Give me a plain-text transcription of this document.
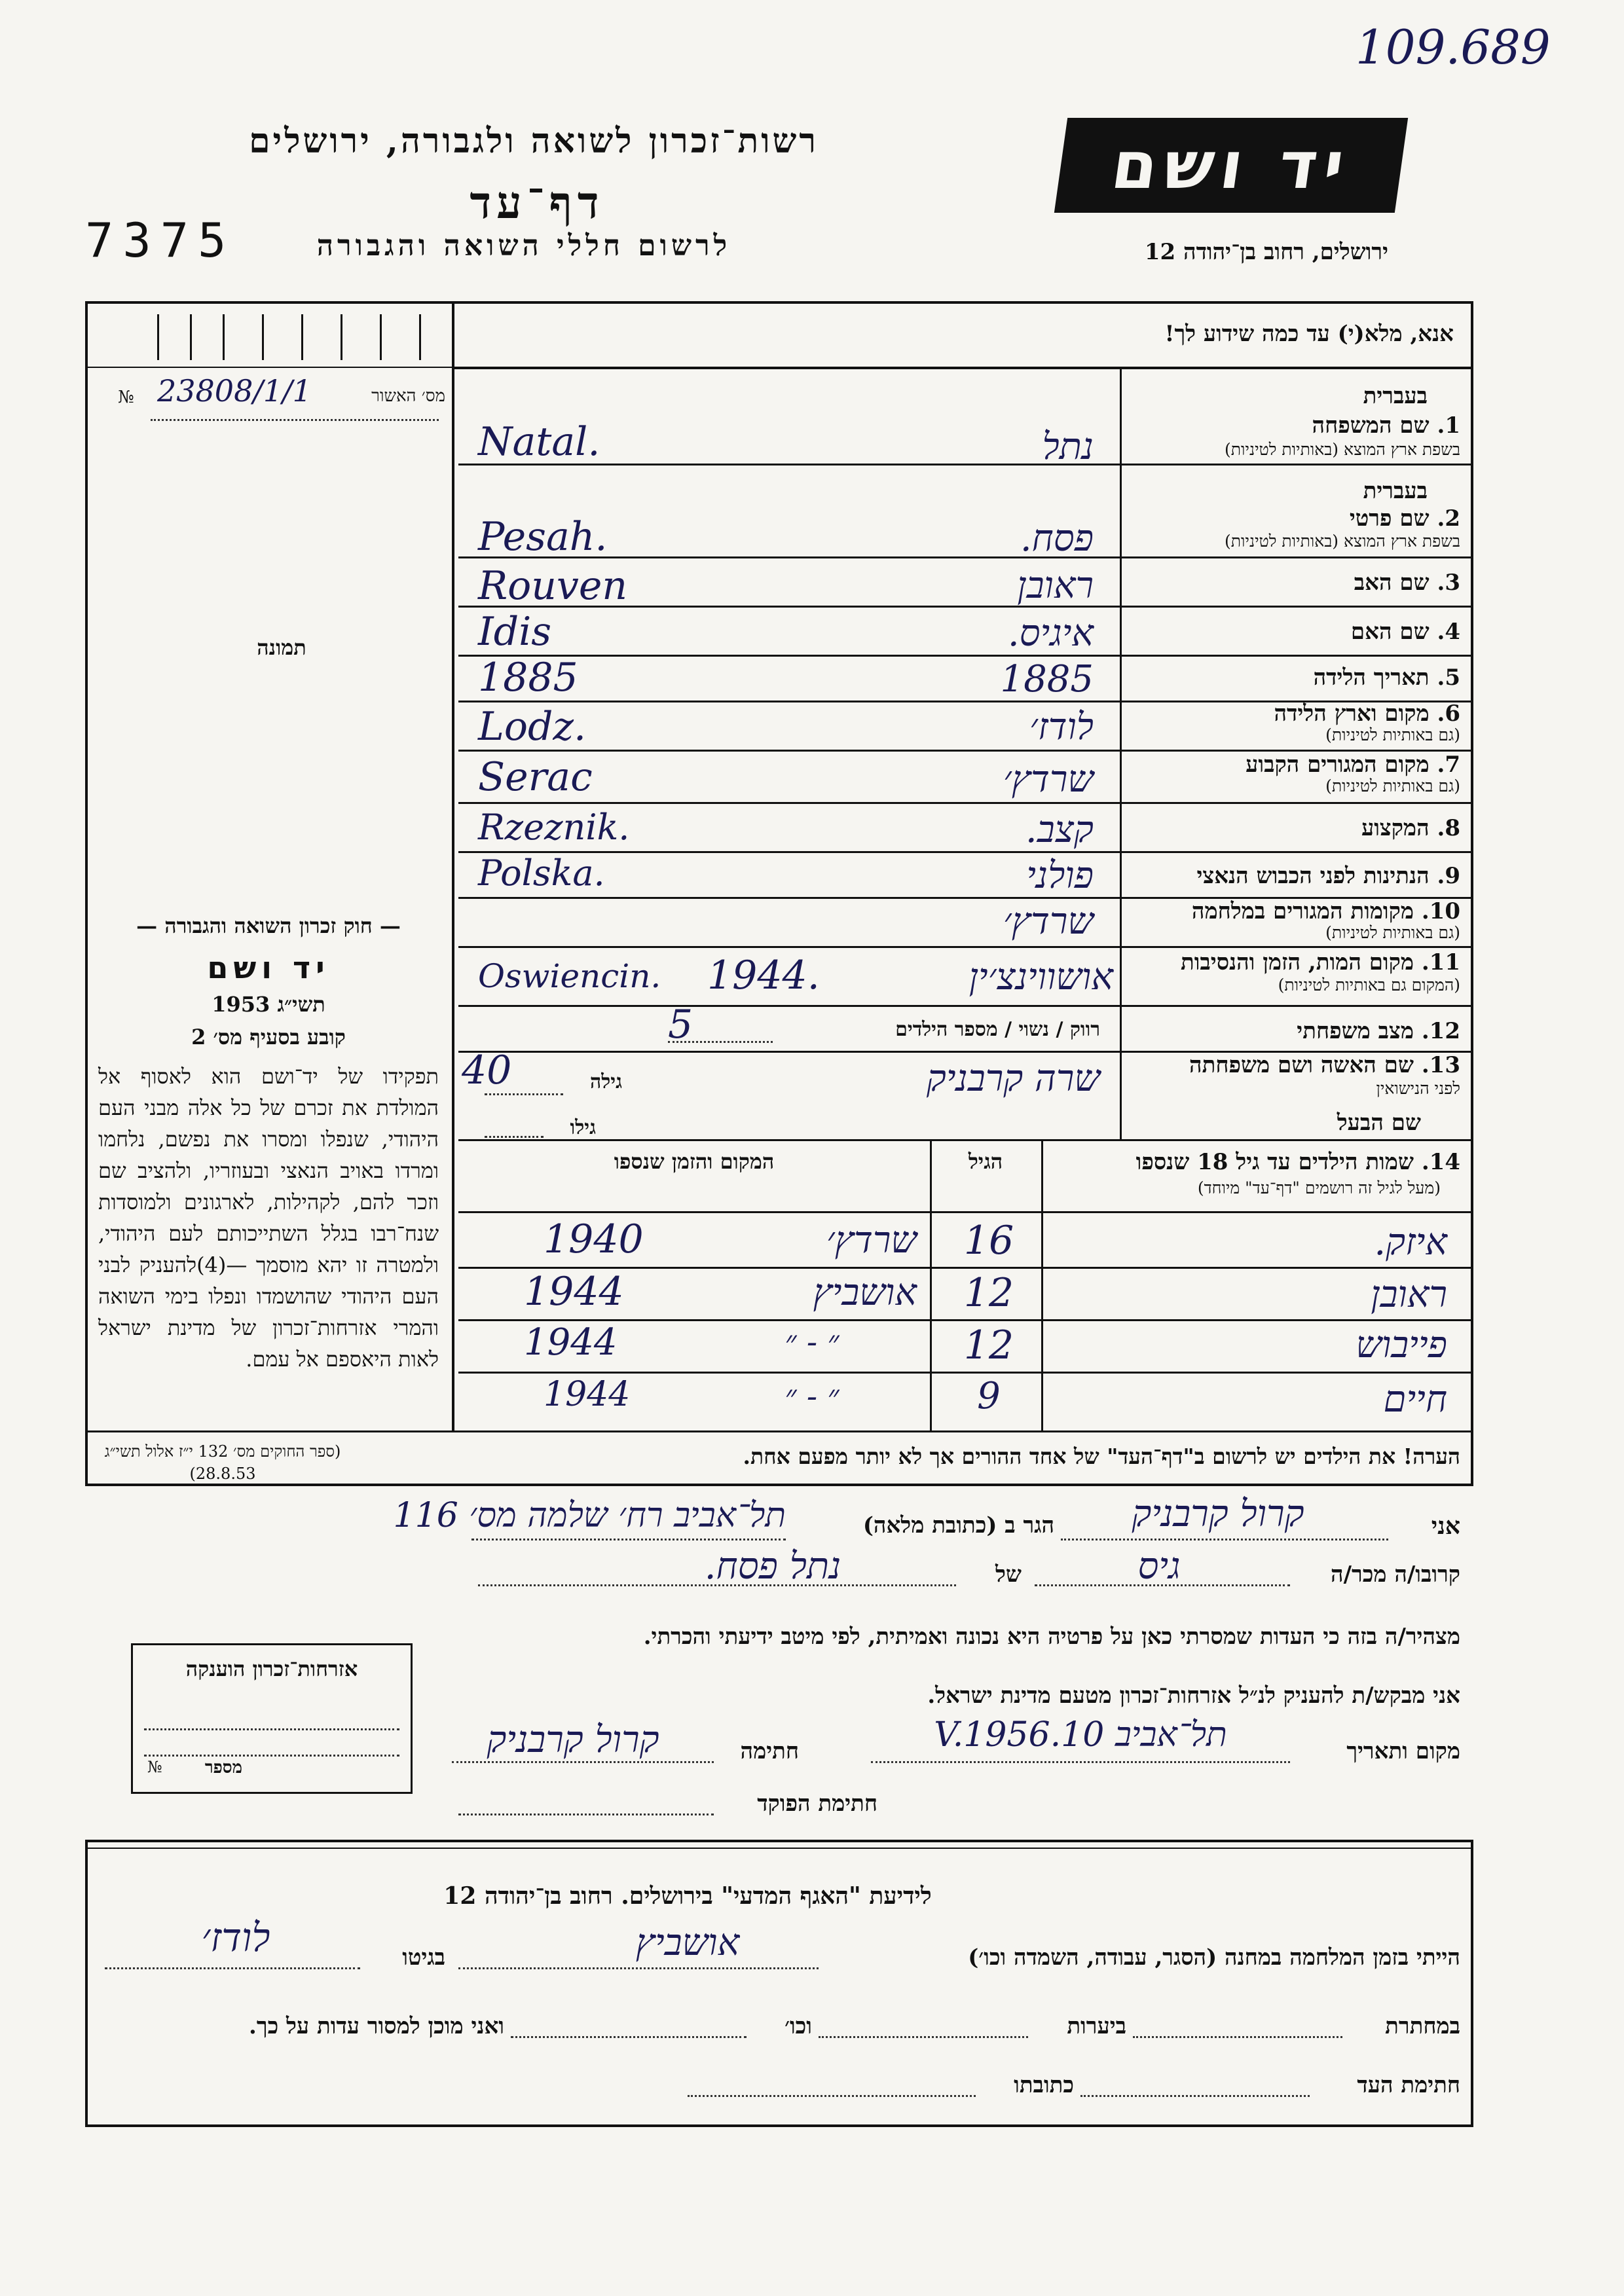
109.689
רשות־זכרון לשואה ולגבורה, ירושלים
דף־עד
7375	לרשום חללי השואה והגבורה
יד ושם
ירושלים, רחוב בן־יהודה 12
אנא, מלא(י) עד כמה שידוע לך!
מס׳ האשור
23808/1/1
№
תמונה
בעברית
בעברית
1. שם המשפחה
בשפת ארץ המוצא (באותיות לטיניות)
נתל
Natal.
2. שם פרטי
בשפת ארץ המוצא (באותיות לטיניות)
פסח.
Pesah.
3. שם האב
ראובן
Rouven
4. שם האם
איגיס.
Idis
5. תאריך הלידה
1885
1885
6. מקום וארץ הלידה
(גם באותיות לטיניות)
לודז׳
Lodz.
7. מקום המגורים הקבוע
(גם באותיות לטיניות)
שרדץ׳
Serac
8. המקצוע
קצב.
Rzeznik.
9. הנתינות לפני הכבוש הנאצי
פולני
Polska.
10. מקומות המגורים במלחמה
(גם באותיות לטיניות)
שרדץ׳
11. מקום המות, הזמן והנסיבות
(המקום גם באותיות לטיניות)
אושווינצ׳ין
1944.
Oswiencin.
12. מצב משפחתי
רווק / נשוי / מספר הילדים
5
13. שם האשה ושם משפחתה
לפני הנישואין
שרה קרבניק
גילה
40
שם הבעל
גילו
14. שמות הילדים עד גיל 18 שנספו
(מעל לגיל זה רושמים "דף־עד" מיוחד)
הגיל
המקום והזמן שנספו
איזק.
16
שרדץ׳
1940
ראובן
12
אושביץ
1944
פייבוש
12
״ - ״
1944
חיים
9
״ - ״
1944
הערה! את הילדים יש לרשום ב"דף־העד" של אחד ההורים אך לא יותר מפעם אחת.
— חוק זכרון השואה והגבורה —
יד ושם
תשי״ג 1953
קובע בסעיף מס׳ 2
תפקידו של יד־ושם הוא לאסוף אל המולדת את זכרם של כל אלה מבני העם היהודי, שנפלו ומסרו את נפשם, נלחמו ומרדו באויב הנאצי ובעוזריו, ולהציב שם וזכר להם, לקהילות, לארגונים ולמוסדות שנח־רבו בגלל השתייכותם לעם היהודי, ולמטרה זו יהא מוסמך —(4)להעניק לבני העם היהודי שהושמדו ונפלו בימי השואה והמרי אזרחות־זכרון של מדינת ישראל לאות היאספם אל עמם.
(ספר החוקים מס׳ 132 י״ז אלול תשי״ג 28.8.53)
אני
קרול קרבניק
הגר ב (כתובת מלאה)
תל־אביב רח׳ שלמה מס׳ 116
קרובו/ה מכר/ה
גיס
של
נתל פסח.
מצהיר/ה בזה כי העדות שמסרתי כאן על פרטיה היא נכונה ואמיתית, לפי מיטב ידיעתי והכרתי.
אני מבקש/ת להעניק לנ״ל אזרחות־זכרון מטעם מדינת ישראל.
מקום ותאריך
תל־אביב 10.V.1956
חתימה
קרול קרבניק
חתימת הפוקד
אזרחות־זכרון הוענקה
№	מספר
לידיעת "האגף המדעי" בירושלים. רחוב בן־יהודה 12
הייתי בזמן המלחמה במחנה (הסגר, עבודה, השמדה וכו׳)
אושביץ
בגיטו
לודז׳
במחתרת
ביערות
וכו׳
ואני מוכן למסור עדות על כך.
חתימת העד
כתובתו
